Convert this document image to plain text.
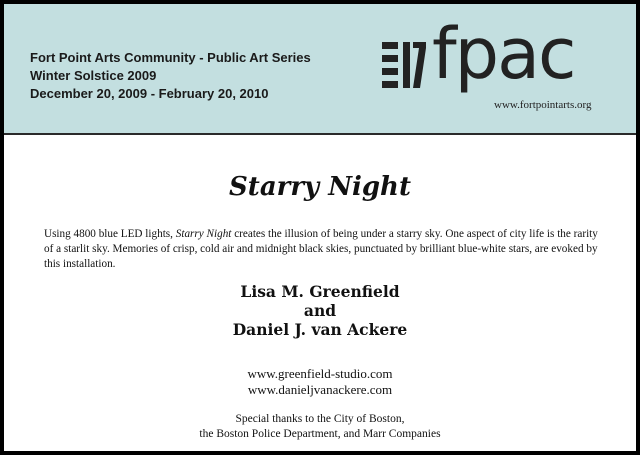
Fort Point Arts Community - Public Art Series

Winter Solstice 2009

December 20, 2009 - February 20, 2010 fpac
www.fortpointarts.org
Starry Night

Using 4800 blue LED lights, Starry Night creates the illusion of being under a starry sky. One aspect of city life is the rarity of a starlit sky. Memories of crisp, cold air and midnight black skies, punctuated by brilliant blue-white stars, are evoked by this installation.

Lisa M. Greenfield
and
Daniel J. van Ackere
www.greenfield-studio.com
www.danieljvanackere.com
Special thanks to the City of Boston,
the Boston Police Department, and Marr Companies
